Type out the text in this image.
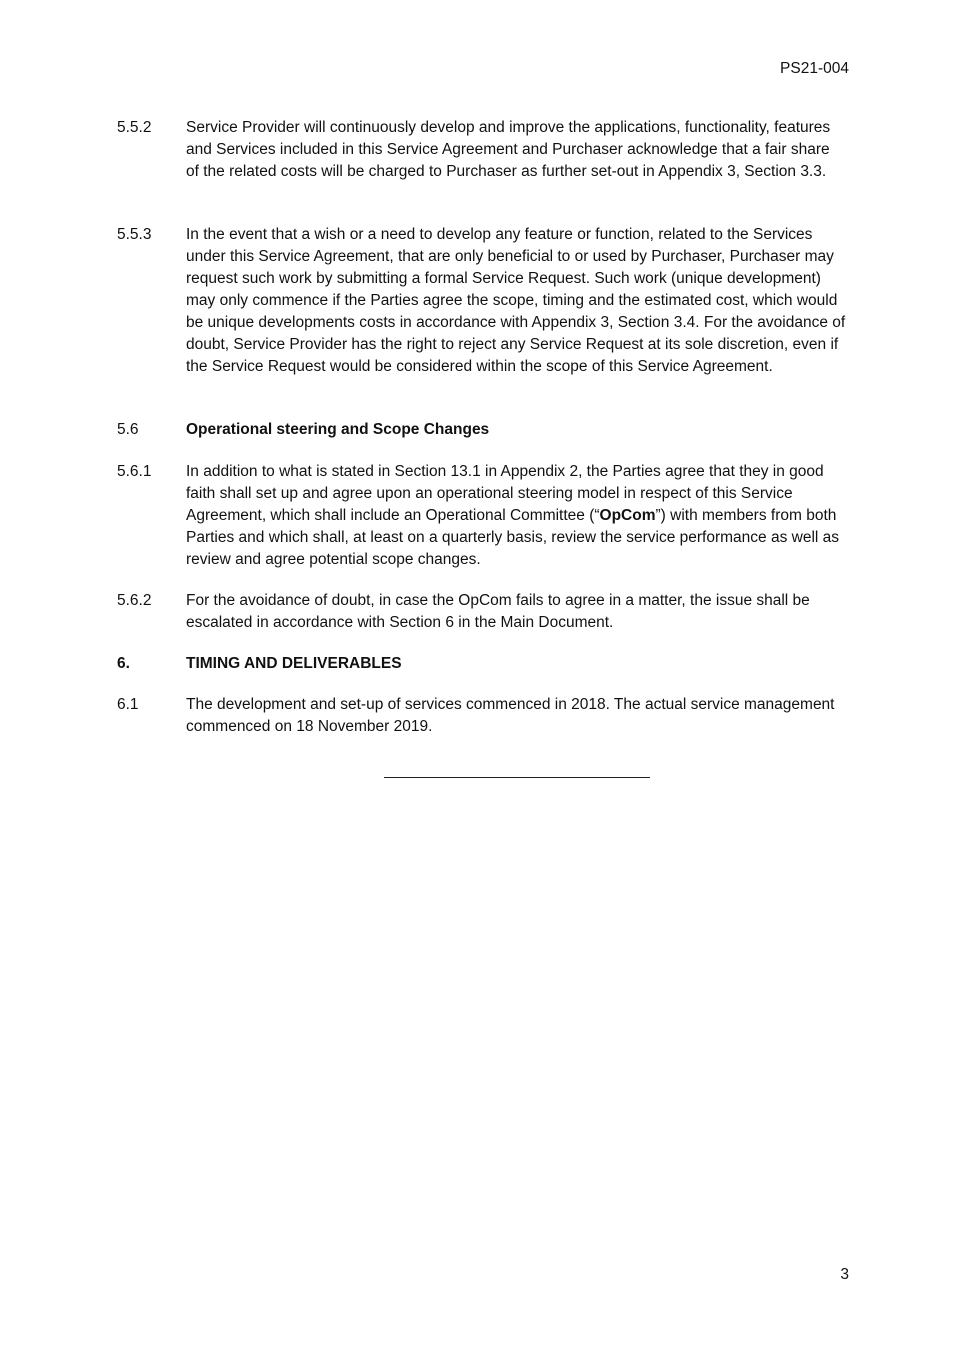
PS21-004
5.5.2	Service Provider will continuously develop and improve the applications, functionality, features and Services included in this Service Agreement and Purchaser acknowledge that a fair share of the related costs will be charged to Purchaser as further set-out in Appendix 3, Section 3.3.
5.5.3	In the event that a wish or a need to develop any feature or function, related to the Services under this Service Agreement, that are only beneficial to or used by Purchaser, Purchaser may request such work by submitting a formal Service Request. Such work (unique development) may only commence if the Parties agree the scope, timing and the estimated cost, which would be unique developments costs in accordance with Appendix 3, Section 3.4. For the avoidance of doubt, Service Provider has the right to reject any Service Request at its sole discretion, even if the Service Request would be considered within the scope of this Service Agreement.
5.6	Operational steering and Scope Changes
5.6.1	In addition to what is stated in Section 13.1 in Appendix 2, the Parties agree that they in good faith shall set up and agree upon an operational steering model in respect of this Service Agreement, which shall include an Operational Committee (“OpCom”) with members from both Parties and which shall, at least on a quarterly basis, review the service performance as well as review and agree potential scope changes.
5.6.2	For the avoidance of doubt, in case the OpCom fails to agree in a matter, the issue shall be escalated in accordance with Section 6 in the Main Document.
6.	TIMING AND DELIVERABLES
6.1	The development and set-up of services commenced in 2018. The actual service management commenced on 18 November 2019.
3
